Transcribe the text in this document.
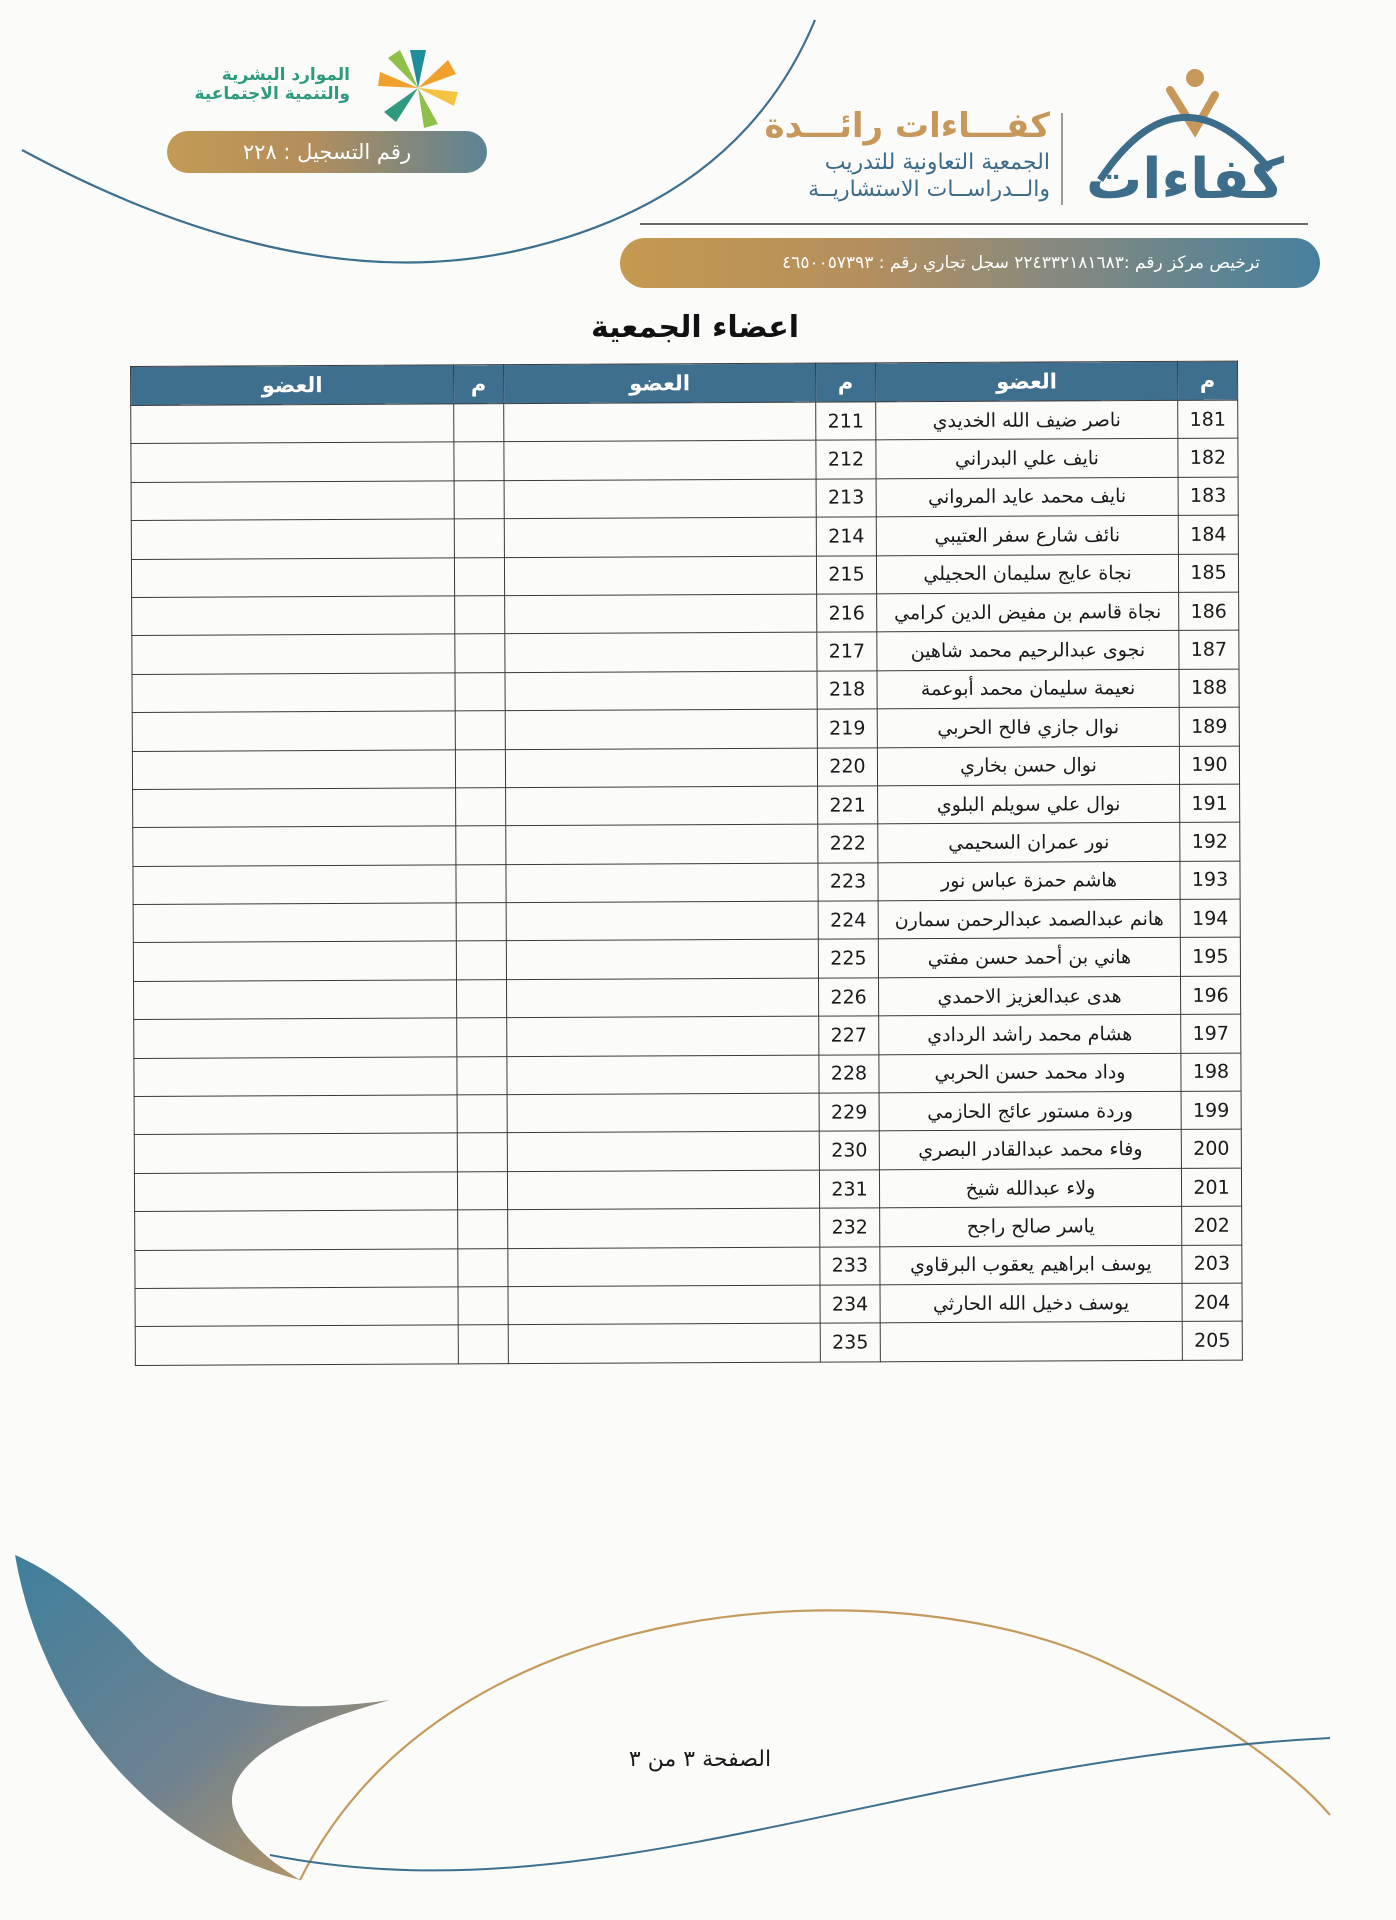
الموارد البشرية
والتنمية الاجتماعية
رقم التسجيل : ٢٢٨
كفـــاءات رائـــدة
الجمعية التعاونية للتدريب
والــدراســات الاستشاريــة كفاءات
ترخيص مركز رقم :٢٢٤٣٣٢١٨١٦٨٣ سجل تجاري رقم : ٤٦٥٠٠٥٧٣٩٣
اعضاء الجمعية
م	العضو	م	العضو	م	العضو
181	ناصر ضيف الله الخديدي	211			
182	نايف علي البدراني	212			
183	نايف محمد عايد المرواني	213			
184	نائف شارع سفر العتيبي	214			
185	نجاة عايج سليمان الحجيلي	215			
186	نجاة قاسم بن مفيض الدين كرامي	216			
187	نجوى عبدالرحيم محمد شاهين	217			
188	نعيمة سليمان محمد أبوعمة	218			
189	نوال جازي فالح الحربي	219			
190	نوال حسن بخاري	220			
191	نوال علي سويلم البلوي	221			
192	نور عمران السحيمي	222			
193	هاشم حمزة عباس نور	223			
194	هانم عبدالصمد عبدالرحمن سمارن	224			
195	هاني بن أحمد حسن مفتي	225			
196	هدى عبدالعزيز الاحمدي	226			
197	هشام محمد راشد الردادي	227			
198	وداد محمد حسن الحربي	228			
199	وردة مستور عائج الحازمي	229			
200	وفاء محمد عبدالقادر البصري	230			
201	ولاء عبدالله شيخ	231			
202	ياسر صالح راجح	232			
203	يوسف ابراهيم يعقوب البرقاوي	233			
204	يوسف دخيل الله الحارثي	234			
205		235			
الصفحة ٣ من ٣
